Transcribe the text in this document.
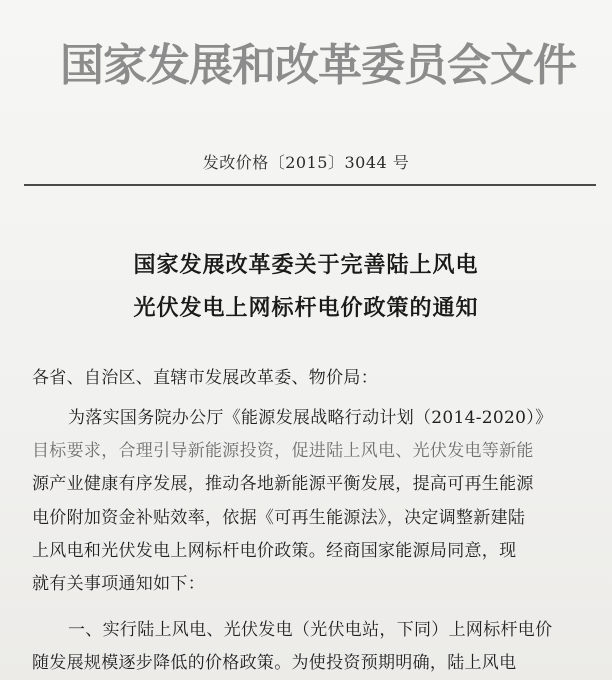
国家发展和改革委员会文件
发改价格〔2015〕3044 号
国家发展改革委关于完善陆上风电
光伏发电上网标杆电价政策的通知
各省、自治区、直辖市发展改革委、物价局：
为落实国务院办公厅《能源发展战略行动计划（2014-2020）》
目标要求，合理引导新能源投资，促进陆上风电、光伏发电等新能
源产业健康有序发展，推动各地新能源平衡发展，提高可再生能源
电价附加资金补贴效率，依据《可再生能源法》，决定调整新建陆
上风电和光伏发电上网标杆电价政策。经商国家能源局同意，现
就有关事项通知如下：
一、实行陆上风电、光伏发电（光伏电站，下同）上网标杆电价
随发展规模逐步降低的价格政策。为使投资预期明确，陆上风电
